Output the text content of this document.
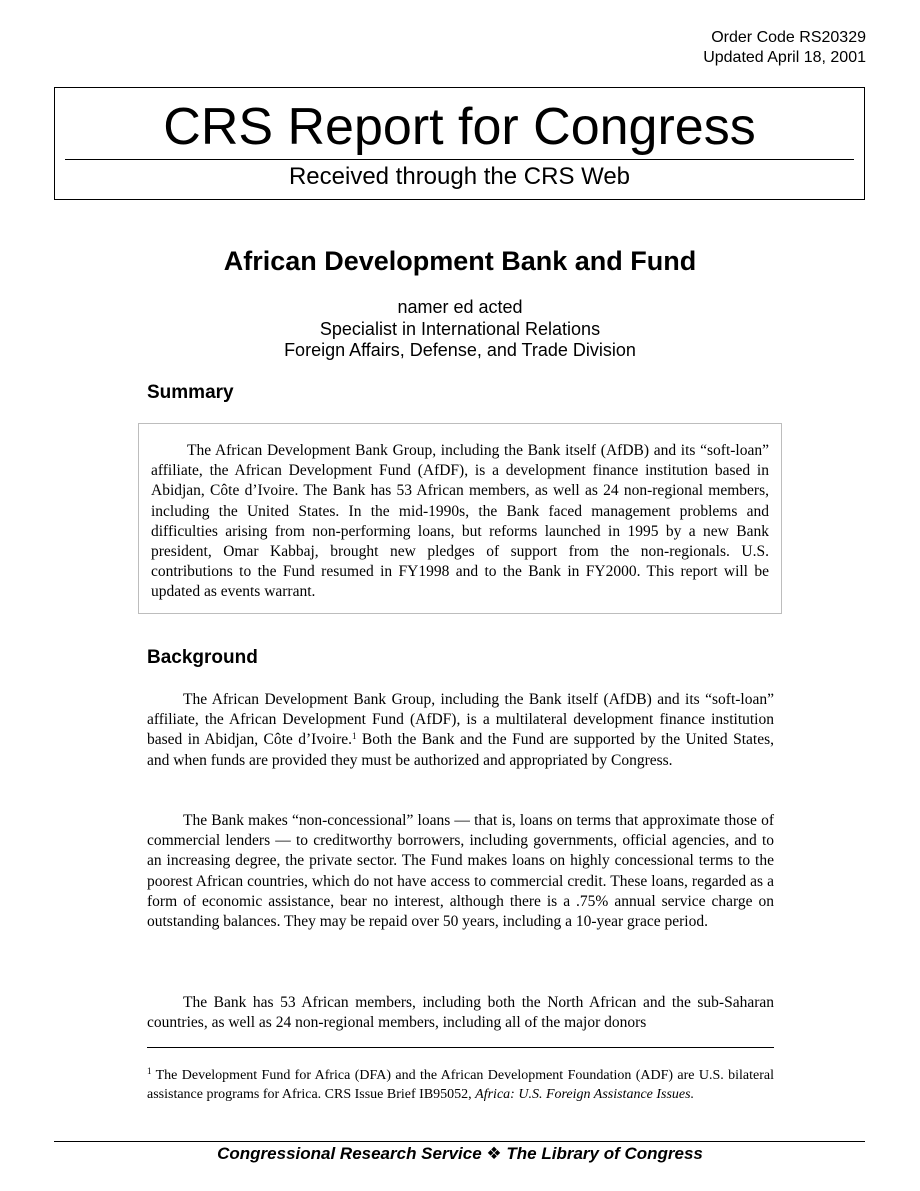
Order Code RS20329
Updated April 18, 2001
CRS Report for Congress
Received through the CRS Web
African Development Bank and Fund
namer ed acted
Specialist in International Relations
Foreign Affairs, Defense, and Trade Division
Summary

The African Development Bank Group, including the Bank itself (AfDB) and its “soft-loan” affiliate, the African Development Fund (AfDF), is a development finance institution based in Abidjan, Côte d’Ivoire. The Bank has 53 African members, as well as 24 non-regional members, including the United States. In the mid-1990s, the Bank faced management problems and difficulties arising from non-performing loans, but reforms launched in 1995 by a new Bank president, Omar Kabbaj, brought new pledges of support from the non-regionals. U.S. contributions to the Fund resumed in FY1998 and to the Bank in FY2000. This report will be updated as events warrant.

Background

The African Development Bank Group, including the Bank itself (AfDB) and its “soft-loan” affiliate, the African Development Fund (AfDF), is a multilateral development finance institution based in Abidjan, Côte d’Ivoire.$^1$ Both the Bank and the Fund are supported by the United States, and when funds are provided they must be authorized and appropriated by Congress.

The Bank makes “non-concessional” loans — that is, loans on terms that approximate those of commercial lenders — to creditworthy borrowers, including governments, official agencies, and to an increasing degree, the private sector. The Fund makes loans on highly concessional terms to the poorest African countries, which do not have access to commercial credit. These loans, regarded as a form of economic assistance, bear no interest, although there is a .75% annual service charge on outstanding balances. They may be repaid over 50 years, including a 10-year grace period.

The Bank has 53 African members, including both the North African and the sub-Saharan countries, as well as 24 non-regional members, including all of the major donors

$^1$ The Development Fund for Africa (DFA) and the African Development Foundation (ADF) are U.S. bilateral assistance programs for Africa. CRS Issue Brief IB95052, Africa: U.S. Foreign Assistance Issues.
Congressional Research Service ❖ The Library of Congress
